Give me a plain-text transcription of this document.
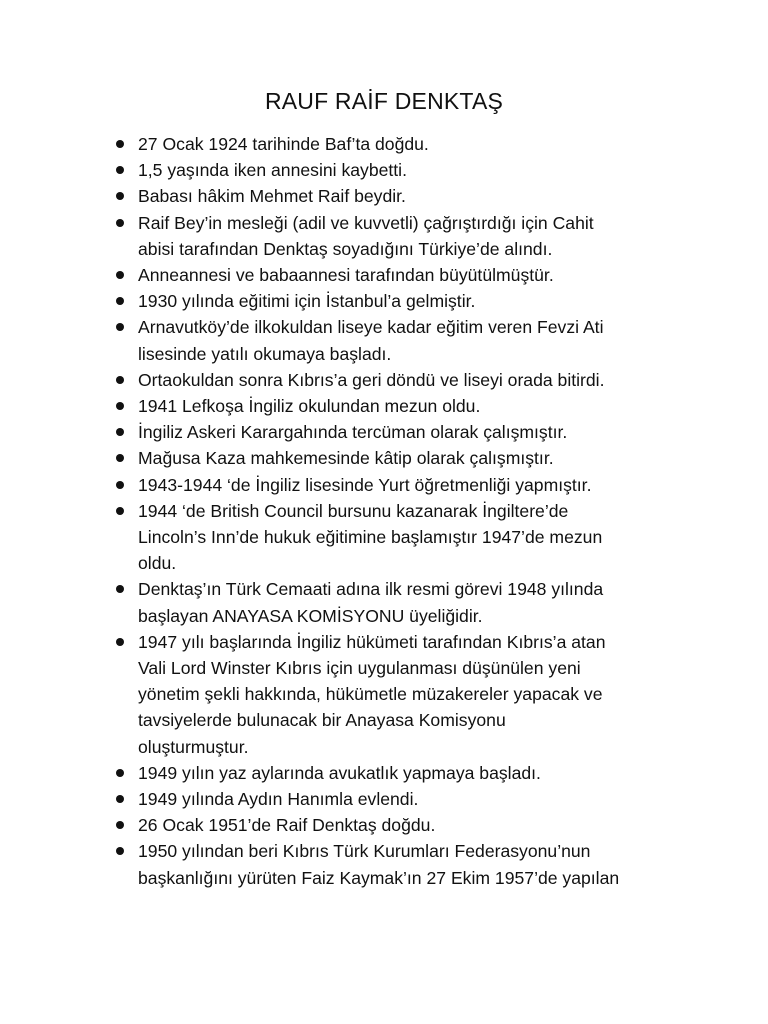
RAUF RAİF DENKTAŞ
27 Ocak 1924 tarihinde Baf’ta doğdu.
1,5 yaşında iken annesini kaybetti.
Babası hâkim Mehmet Raif beydir.
Raif Bey’in mesleği (adil ve kuvvetli) çağrıştırdığı için Cahit
abisi tarafından Denktaş soyadığını Türkiye’de alındı.
Anneannesi ve babaannesi tarafından büyütülmüştür.
1930 yılında eğitimi için İstanbul’a gelmiştir.
Arnavutköy’de ilkokuldan liseye kadar eğitim veren Fevzi Ati
lisesinde yatılı okumaya başladı.
Ortaokuldan sonra Kıbrıs’a geri döndü ve liseyi orada bitirdi.
1941 Lefkoşa İngiliz okulundan mezun oldu.
İngiliz Askeri Karargahında tercüman olarak çalışmıştır.
Mağusa Kaza mahkemesinde kâtip olarak çalışmıştır.
1943-1944 ‘de İngiliz lisesinde Yurt öğretmenliği yapmıştır.
1944 ‘de British Council bursunu kazanarak İngiltere’de
Lincoln’s Inn’de hukuk eğitimine başlamıştır 1947’de mezun
oldu.
Denktaş’ın Türk Cemaati adına ilk resmi görevi 1948 yılında
başlayan ANAYASA KOMİSYONU üyeliğidir.
1947 yılı başlarında İngiliz hükümeti tarafından Kıbrıs’a atan
Vali Lord Winster Kıbrıs için uygulanması düşünülen yeni
yönetim şekli hakkında, hükümetle müzakereler yapacak ve
tavsiyelerde bulunacak bir Anayasa Komisyonu
oluşturmuştur.
1949 yılın yaz aylarında avukatlık yapmaya başladı.
1949 yılında Aydın Hanımla evlendi.
26 Ocak 1951’de Raif Denktaş doğdu.
1950 yılından beri Kıbrıs Türk Kurumları Federasyonu’nun
başkanlığını yürüten Faiz Kaymak’ın 27 Ekim 1957’de yapılan
